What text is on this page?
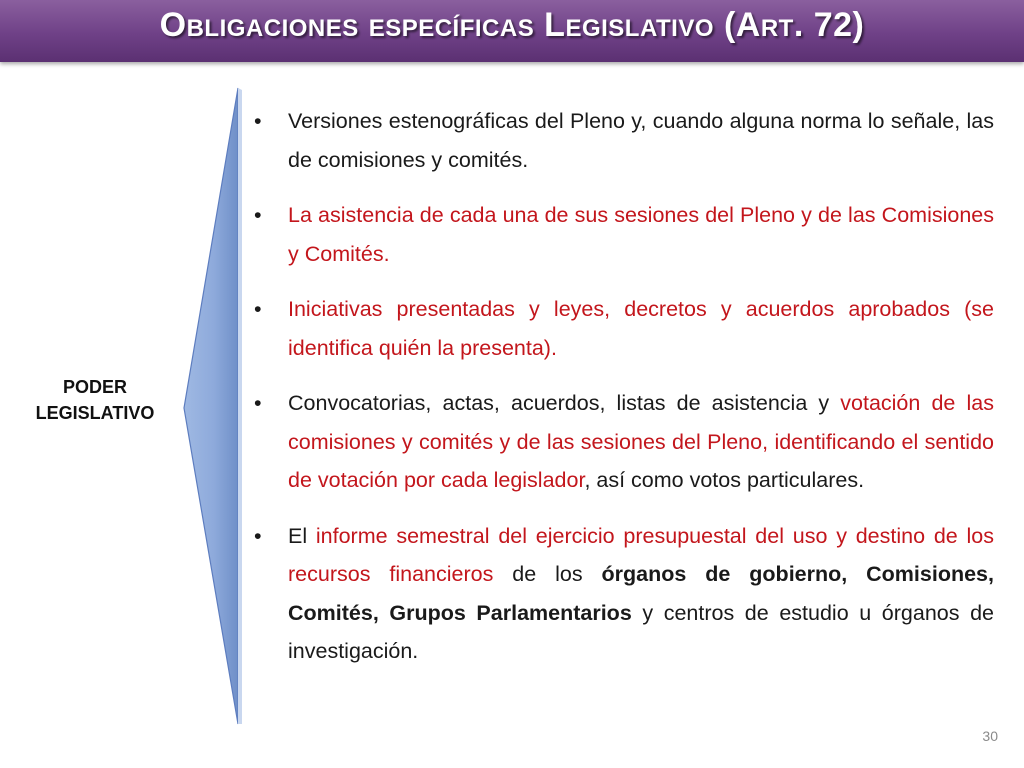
Obligaciones específicas Legislativo (Art. 72)
PODER
LEGISLATIVO
• Versiones estenográficas del Pleno y, cuando alguna norma lo señale, las de comisiones y comités.
• La asistencia de cada una de sus sesiones del Pleno y de las Comisiones y Comités.
• Iniciativas presentadas y leyes, decretos y acuerdos aprobados (se identifica quién la presenta).
• Convocatorias, actas, acuerdos, listas de asistencia y votación de las comisiones y comités y de las sesiones del Pleno, identificando el sentido de votación por cada legislador, así como votos particulares.
• El informe semestral del ejercicio presupuestal del uso y destino de los recursos financieros de los órganos de gobierno, Comisiones, Comités, Grupos Parlamentarios y centros de estudio u órganos de investigación.
30
